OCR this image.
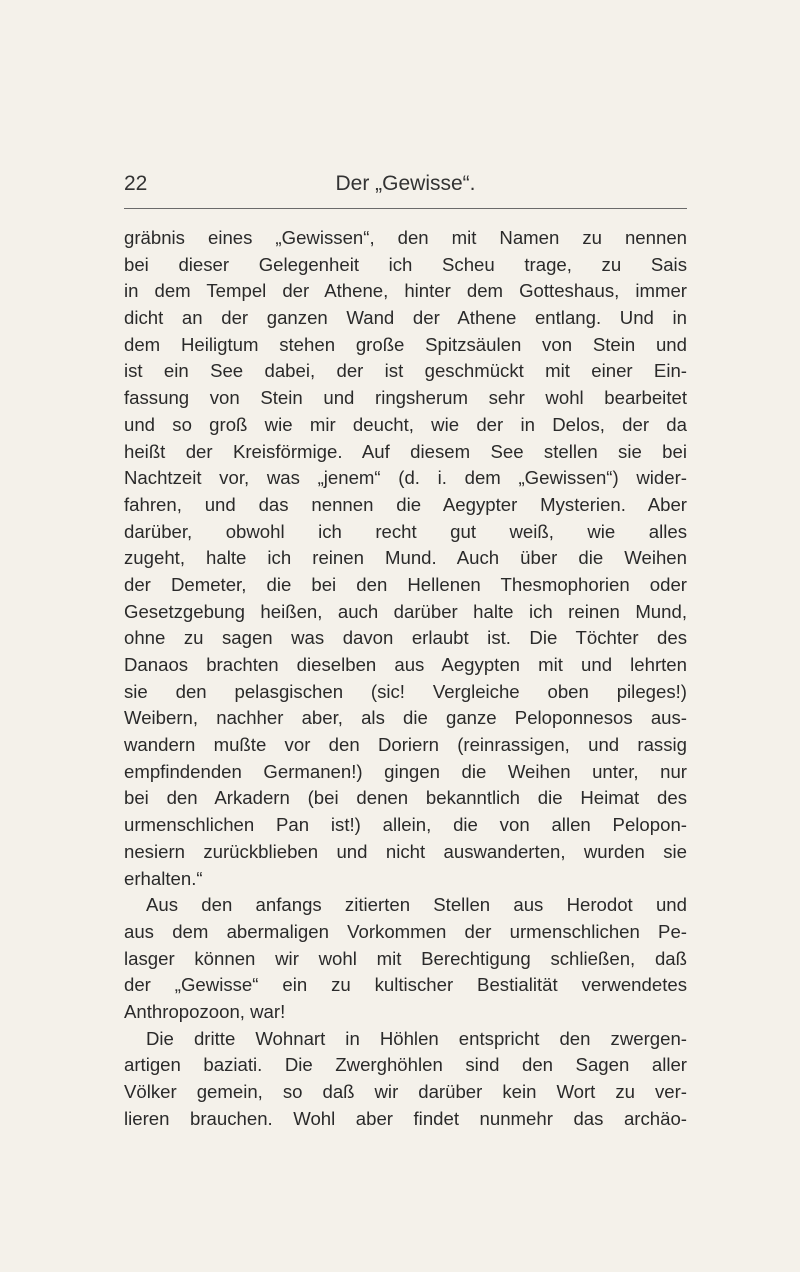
22	Der „Gewisse“.
gräbnis eines „Gewissen“, den mit Namen zu nennen
bei dieser Gelegenheit ich Scheu trage, zu Sais
in dem Tempel der Athene, hinter dem Gotteshaus, immer
dicht an der ganzen Wand der Athene entlang. Und in
dem Heiligtum stehen große Spitzsäulen von Stein und
ist ein See dabei, der ist geschmückt mit einer Ein-
fassung von Stein und ringsherum sehr wohl bearbeitet
und so groß wie mir deucht, wie der in Delos, der da
heißt der Kreisförmige. Auf diesem See stellen sie bei
Nachtzeit vor, was „jenem“ (d. i. dem „Gewissen“) wider-
fahren, und das nennen die Aegypter Mysterien. Aber
darüber, obwohl ich recht gut weiß, wie alles
zugeht, halte ich reinen Mund. Auch über die Weihen
der Demeter, die bei den Hellenen Thesmophorien oder
Gesetzgebung heißen, auch darüber halte ich reinen Mund,
ohne zu sagen was davon erlaubt ist. Die Töchter des
Danaos brachten dieselben aus Aegypten mit und lehrten
sie den pelasgischen (sic! Vergleiche oben pileges!)
Weibern, nachher aber, als die ganze Peloponnesos aus-
wandern mußte vor den Doriern (reinrassigen, und rassig
empfindenden Germanen!) gingen die Weihen unter, nur
bei den Arkadern (bei denen bekanntlich die Heimat des
urmenschlichen Pan ist!) allein, die von allen Pelopon-
nesiern zurückblieben und nicht auswanderten, wurden sie
erhalten.“
Aus den anfangs zitierten Stellen aus Herodot und
aus dem abermaligen Vorkommen der urmenschlichen Pe-
lasger können wir wohl mit Berechtigung schließen, daß
der „Gewisse“ ein zu kultischer Bestialität verwendetes
Anthropozoon, war!
Die dritte Wohnart in Höhlen entspricht den zwergen-
artigen baziati. Die Zwerghöhlen sind den Sagen aller
Völker gemein, so daß wir darüber kein Wort zu ver-
lieren brauchen. Wohl aber findet nunmehr das archäo-
